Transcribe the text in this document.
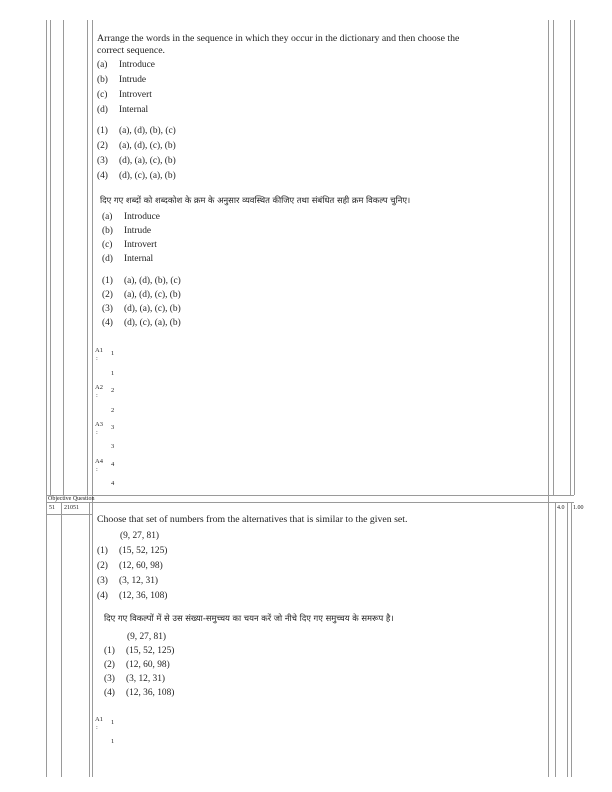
Arrange the words in the sequence in which they occur in the dictionary and then choose the
correct sequence.
(a) Introduce
(b) Intrude
(c) Introvert
(d) Internal
(1) (a), (d), (b), (c)
(2) (a), (d), (c), (b)
(3) (d), (a), (c), (b)
(4) (d), (c), (a), (b)
दिए गए शब्दों को शब्दकोश के क्रम के अनुसार व्यवस्थित कीजिए तथा संबंधित सही क्रम विकल्प चुनिए।
(a) Introduce
(b) Intrude
(c) Introvert
(d) Internal
(1) (a), (d), (b), (c)
(2) (a), (d), (c), (b)
(3) (d), (a), (c), (b)
(4) (d), (c), (a), (b)
A1
:
1
1
A2
:
2
2
A3
:
3
3
A4
:
4
4
Objective Question
51 21051	4.0 1.00
Choose that set of numbers from the alternatives that is similar to the given set.
(9, 27, 81)
(1) (15, 52, 125)
(2) (12, 60, 98)
(3) (3, 12, 31)
(4) (12, 36, 108)
दिए गए विकल्पों में से उस संख्या-समुच्चय का चयन करें जो नीचे दिए गए समुच्चय के समरूप है।
(9, 27, 81)
(1) (15, 52, 125)
(2) (12, 60, 98)
(3) (3, 12, 31)
(4) (12, 36, 108)
A1
:
1
1
